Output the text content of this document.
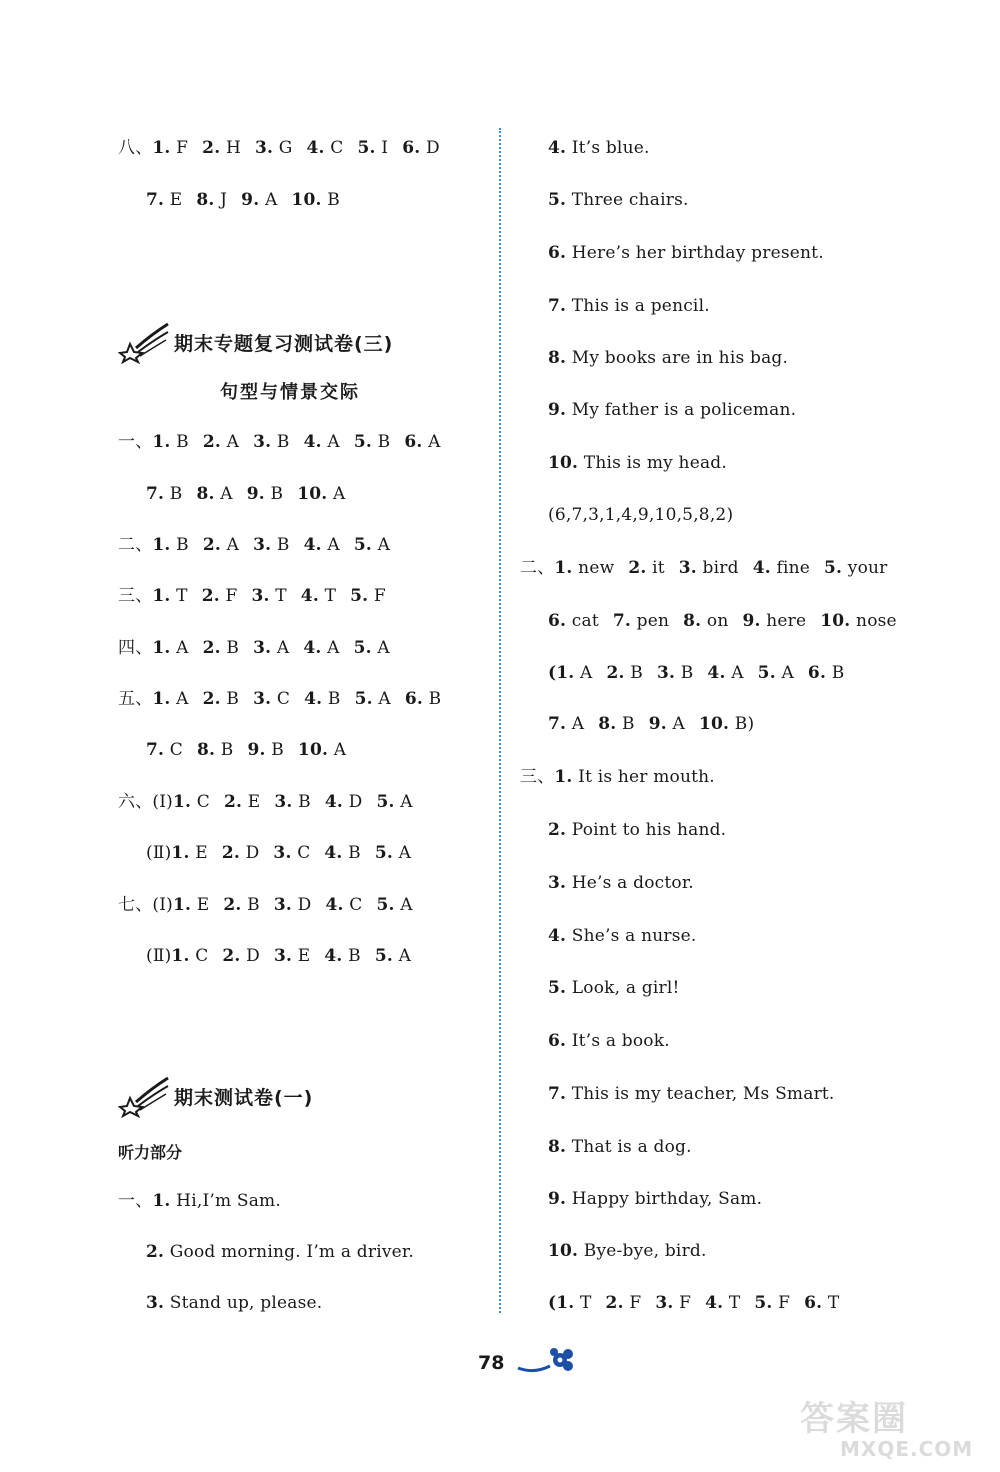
八、1. F 2. H 3. G 4. C 5. I 6. D
7. E 8. J 9. A 10. B
期末专题复习测试卷(三)
句型与情景交际
一、1. B 2. A 3. B 4. A 5. B 6. A
7. B 8. A 9. B 10. A
二、1. B 2. A 3. B 4. A 5. A
三、1. T 2. F 3. T 4. T 5. F
四、1. A 2. B 3. A 4. A 5. A
五、1. A 2. B 3. C 4. B 5. A 6. B
7. C 8. B 9. B 10. A
六、(Ⅰ)1. C 2. E 3. B 4. D 5. A
(Ⅱ)1. E 2. D 3. C 4. B 5. A
七、(Ⅰ)1. E 2. B 3. D 4. C 5. A
(Ⅱ)1. C 2. D 3. E 4. B 5. A
期末测试卷(一)
听力部分
一、1. Hi,I’m Sam.
2. Good morning. I’m a driver.
3. Stand up, please.
4. It’s blue.
5. Three chairs.
6. Here’s her birthday present.
7. This is a pencil.
8. My books are in his bag.
9. My father is a policeman.
10. This is my head.
(6,7,3,1,4,9,10,5,8,2)
二、1. new 2. it 3. bird 4. fine 5. your
6. cat 7. pen 8. on 9. here 10. nose
(1. A 2. B 3. B 4. A 5. A 6. B
7. A 8. B 9. A 10. B)
三、1. It is her mouth.
2. Point to his hand.
3. He’s a doctor.
4. She’s a nurse.
5. Look, a girl!
6. It’s a book.
7. This is my teacher, Ms Smart.
8. That is a dog.
9. Happy birthday, Sam.
10. Bye-bye, bird.
(1. T 2. F 3. F 4. T 5. F 6. T
78
答案圈
MXQE.COM
